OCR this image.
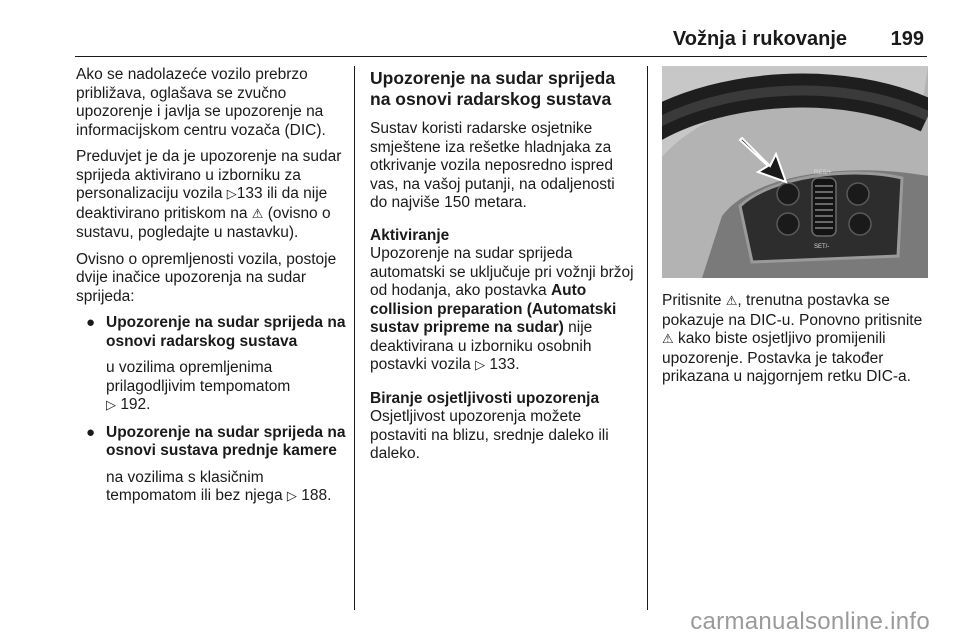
Vožnja i rukovanje 199

Ako se nadolazeće vozilo prebrzo približava, oglašava se zvučno upozorenje i javlja se upozorenje na informacijskom centru vozača (DIC).

Preduvjet je da je upozorenje na sudar sprijeda aktivirano u izborniku za personalizaciju vozila ▷133 ili da nije deaktivirano pritiskom na ⚠ (ovisno o sustavu, pogledajte u nastavku).

Ovisno o opremljenosti vozila, postoje dvije inačice upozorenja na sudar sprijeda:

● Upozorenje na sudar sprijeda na osnovi radarskog sustava
u vozilima opremljenima prilagodljivim tempomatom
▷ 192.
● Upozorenje na sudar sprijeda na osnovi sustava prednje kamere
na vozilima s klasičnim tempomatom ili bez njega ▷ 188.
Upozorenje na sudar sprijeda na osnovi radarskog sustava

Sustav koristi radarske osjetnike smještene iza rešetke hladnjaka za otkrivanje vozila neposredno ispred vas, na vašoj putanji, na odaljenosti do najviše 150 metara.

Aktiviranje

Upozorenje na sudar sprijeda automatski se uključuje pri vožnji bržoj od hodanja, ako postavka Auto collision preparation (Automatski sustav pripreme na sudar) nije deaktivirana u izborniku osobnih postavki vozila ▷ 133.

Biranje osjetljivosti upozorenja

Osjetljivost upozorenja možete postaviti na blizu, srednje daleko ili daleko.

RES/+
SET/-

Pritisnite ⚠, trenutna postavka se pokazuje na DIC-u. Ponovno pritisnite ⚠ kako biste osjetljivo promijenili upozorenje. Postavka je također prikazana u najgornjem retku DIC-a.

carmanualsonline.info
